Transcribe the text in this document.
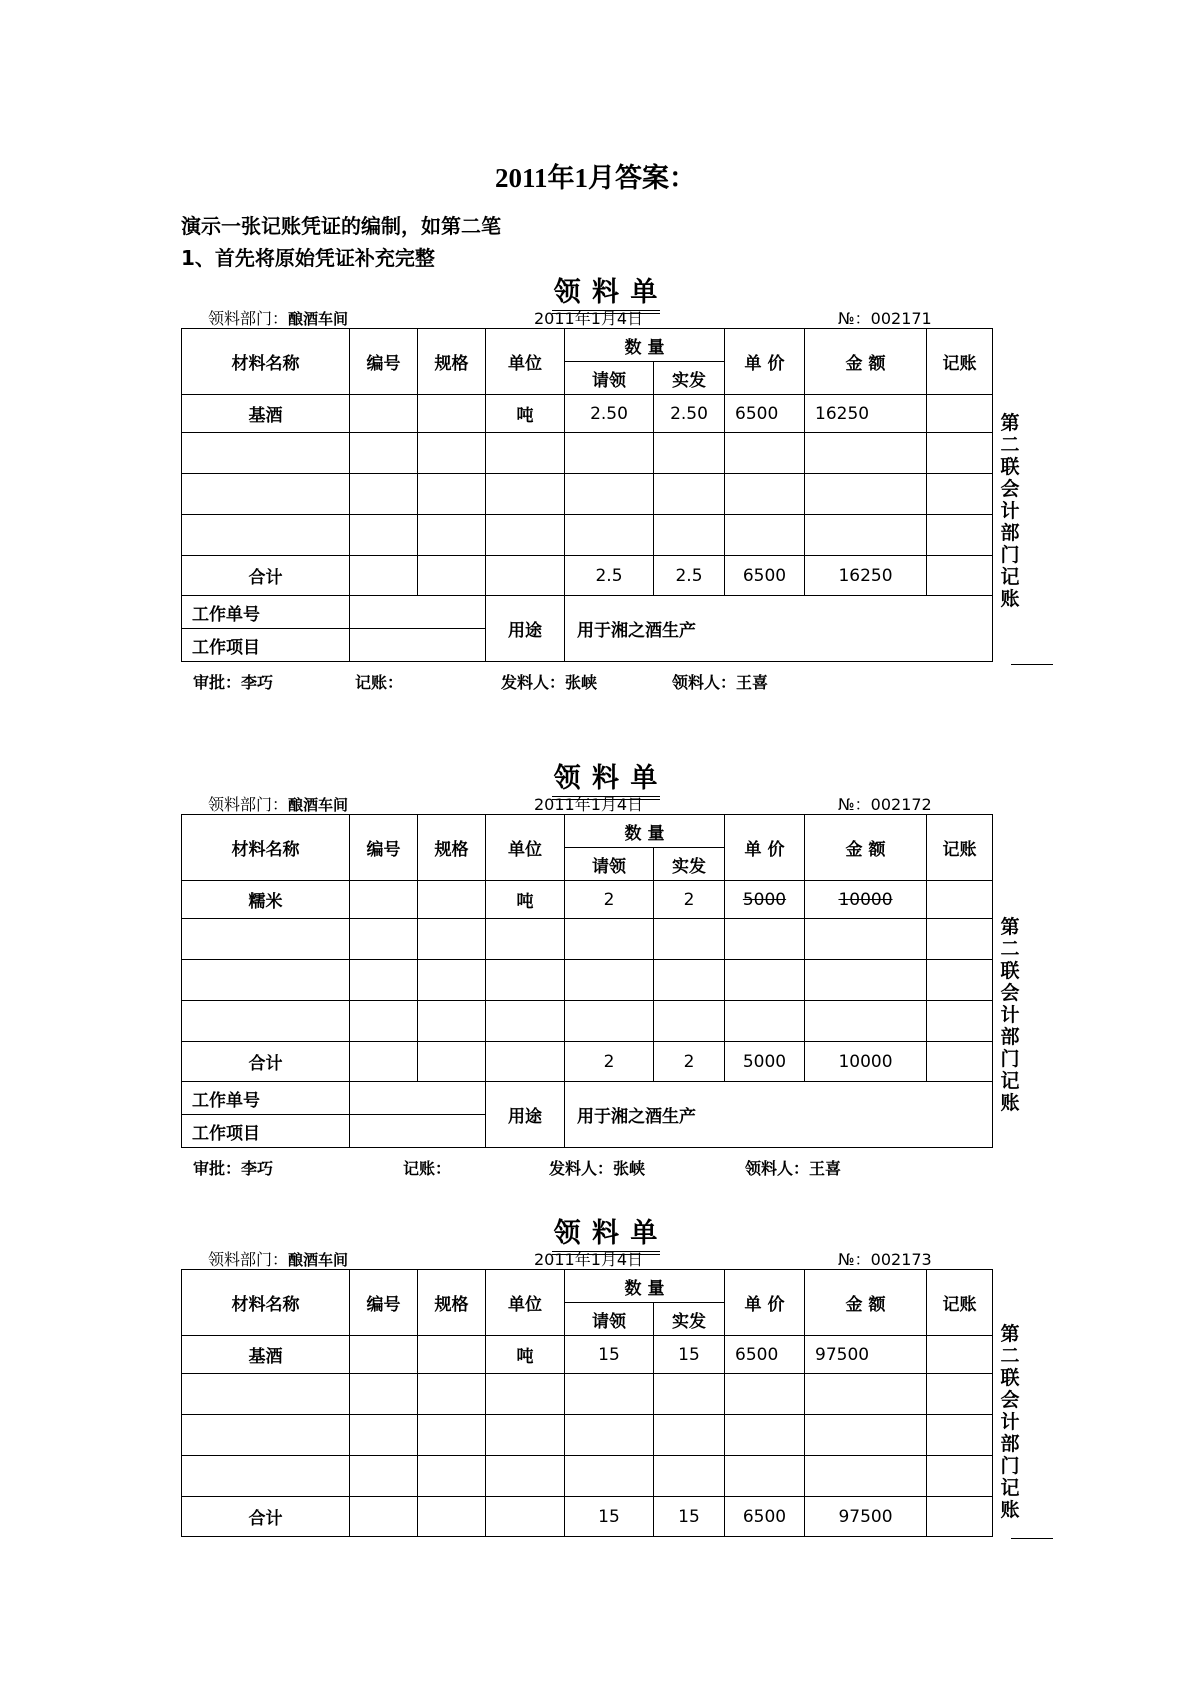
2011年1月答案：
演示一张记账凭证的编制，如第二笔
1、首先将原始凭证补充完整
领 料 单
领料部门：酿酒车间	2011年1月4日	№：002171
材料名称	编号	规格	单位	数 量		单 价	金 额	记账
				请领	实发			
基酒			吨	2.50	2.50	6500	16250	

合计				2.5	2.5	6500	16250	
工作单号			用途	用于湘之酒生产				
工作项目								
第
二
联
会
计
部
门
记
账
审批：李巧	记账：	发料人：张峡	领料人：王喜
领 料 单
领料部门：酿酒车间	2011年1月4日	№：002172
材料名称	编号	规格	单位	数 量		单 价	金 额	记账
				请领	实发			
糯米			吨	2	2	5000	10000	

合计				2	2	5000	10000	
工作单号			用途	用于湘之酒生产				
工作项目								
第
二
联
会
计
部
门
记
账
审批：李巧	记账：	发料人：张峡	领料人：王喜
领 料 单
领料部门：酿酒车间	2011年1月4日	№：002173
材料名称	编号	规格	单位	数 量		单 价	金 额	记账
				请领	实发			
基酒			吨	15	15	6500	97500	

合计				15	15	6500	97500	
第
二
联
会
计
部
门
记
账
